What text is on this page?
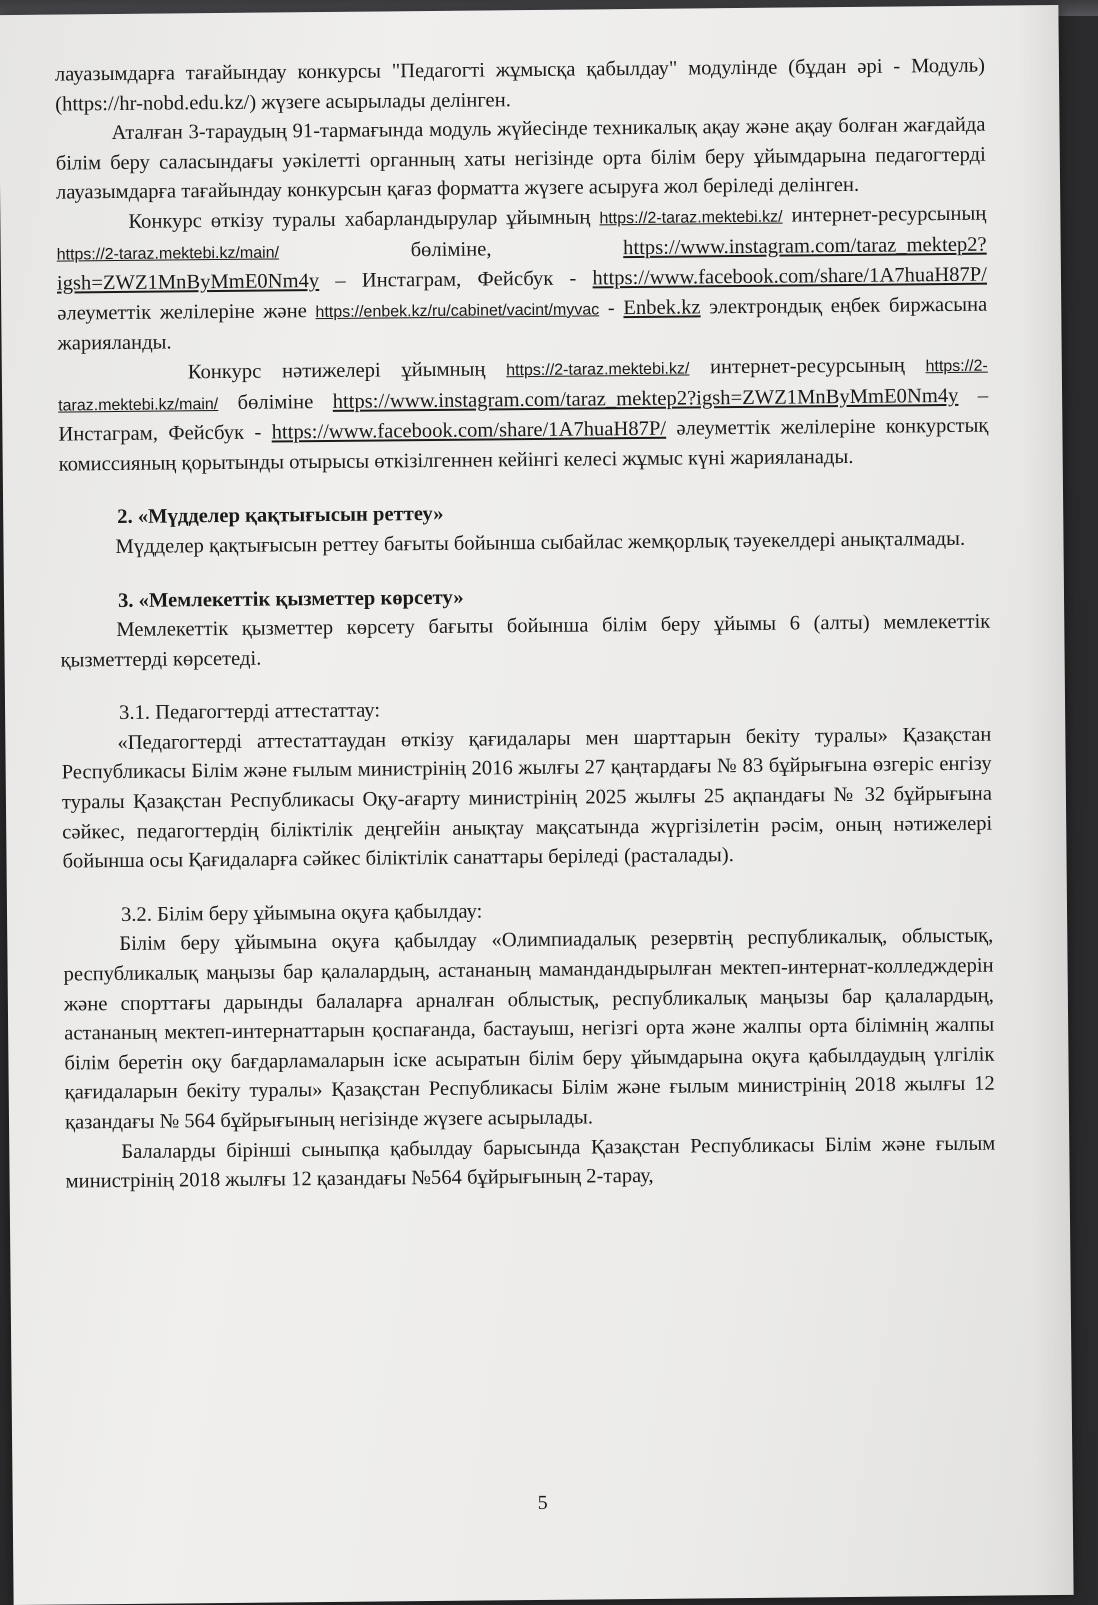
лауазымдарға тағайындау конкурсы "Педагогті жұмысқа қабылдау" модулінде (бұдан әрі - Модуль) (https://hr-nobd.edu.kz/) жүзеге асырылады делінген.

Аталған 3-тараудың 91-тармағында модуль жүйесінде техникалық ақау және ақау болған жағдайда білім беру саласындағы уәкілетті органның хаты негізінде орта білім беру ұйымдарына педагогтерді лауазымдарға тағайындау конкурсын қағаз форматта жүзеге асыруға жол беріледі делінген.

Конкурс өткізу туралы хабарландырулар ұйымның https://2-taraz.mektebi.kz/ интернет-ресурсының https://2-taraz.mektebi.kz/main/ бөліміне, https://www.instagram.com/taraz_mektep2?igsh=ZWZ1MnByMmE0Nm4y – Инстаграм, Фейсбук - https://www.facebook.com/share/1A7huaH87P/ әлеуметтік желілеріне және https://enbek.kz/ru/cabinet/vacint/myvac - Enbek.kz электрондық еңбек биржасына жарияланды.

Конкурс нәтижелері ұйымның https://2-taraz.mektebi.kz/ интернет-ресурсының https://2-taraz.mektebi.kz/main/ бөліміне https://www.instagram.com/taraz_mektep2?igsh=ZWZ1MnByMmE0Nm4y – Инстаграм, Фейсбук - https://www.facebook.com/share/1A7huaH87P/ әлеуметтік желілеріне конкурстық комиссияның қорытынды отырысы өткізілгеннен кейінгі келесі жұмыс күні жарияланады.

2. «Мүдделер қақтығысын реттеу»

Мүдделер қақтығысын реттеу бағыты бойынша сыбайлас жемқорлық тәуекелдері анықталмады.

3. «Мемлекеттік қызметтер көрсету»

Мемлекеттік қызметтер көрсету бағыты бойынша білім беру ұйымы 6 (алты) мемлекеттік қызметтерді көрсетеді.

3.1. Педагогтерді аттестаттау:

«Педагогтерді аттестаттаудан өткізу қағидалары мен шарттарын бекіту туралы» Қазақстан Республикасы Білім және ғылым министрінің 2016 жылғы 27 қаңтардағы № 83 бұйрығына өзгеріс енгізу туралы Қазақстан Республикасы Оқу-ағарту министрінің 2025 жылғы 25 ақпандағы № 32 бұйрығына сәйкес, педагогтердің біліктілік деңгейін анықтау мақсатында жүргізілетін рәсім, оның нәтижелері бойынша осы Қағидаларға сәйкес біліктілік санаттары беріледі (расталады).

3.2. Білім беру ұйымына оқуға қабылдау:

Білім беру ұйымына оқуға қабылдау «Олимпиадалық резервтің республикалық, облыстық, республикалық маңызы бар қалалардың, астананың мамандандырылған мектеп-интернат-колледждерін және спорттағы дарынды балаларға арналған облыстық, республикалық маңызы бар қалалардың, астананың мектеп-интернаттарын қоспағанда, бастауыш, негізгі орта және жалпы орта білімнің жалпы білім беретін оқу бағдарламаларын іске асыратын білім беру ұйымдарына оқуға қабылдаудың үлгілік қағидаларын бекіту туралы» Қазақстан Республикасы Білім және ғылым министрінің 2018 жылғы 12 қазандағы № 564 бұйрығының негізінде жүзеге асырылады.

Балаларды бірінші сыныпқа қабылдау барысында Қазақстан Республикасы Білім және ғылым министрінің 2018 жылғы 12 қазандағы №564 бұйрығының 2-тарау,

5
